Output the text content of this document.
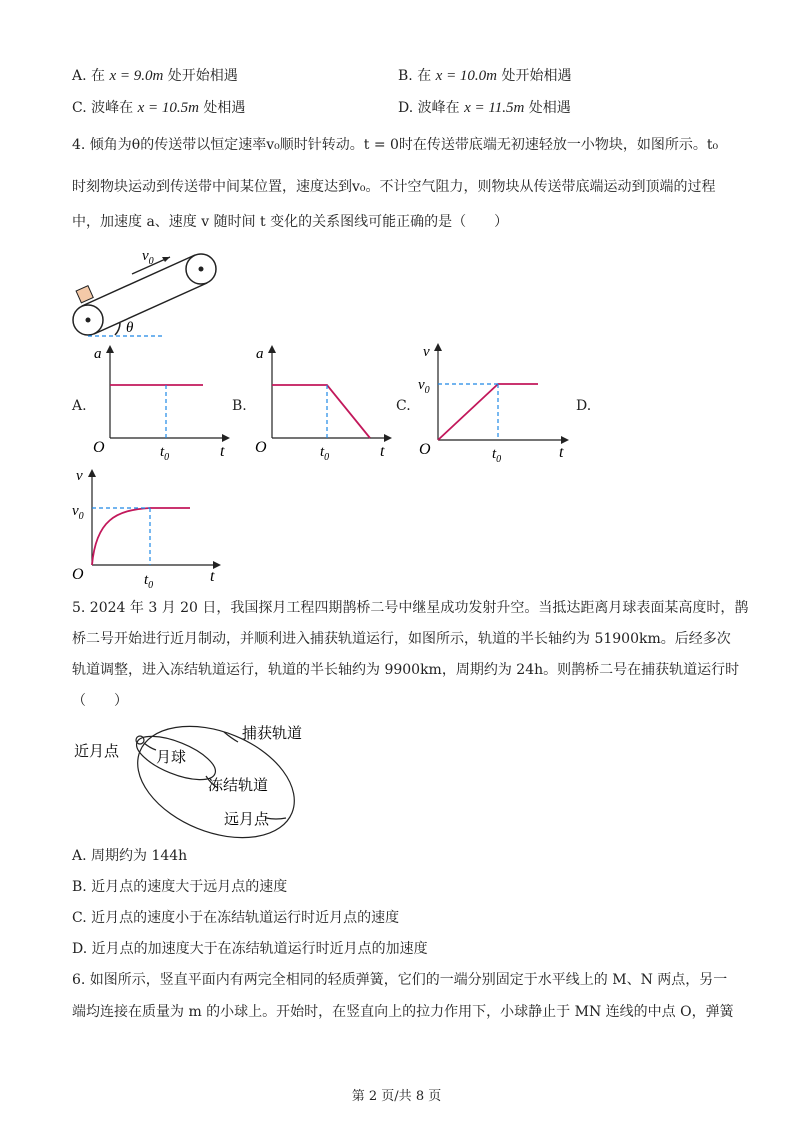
A. 在 x = 9.0m 处开始相遇	B. 在 x = 10.0m 处开始相遇
C. 波峰在 x = 10.5m 处相遇	D. 波峰在 x = 11.5m 处相遇
4. 倾角为θ的传送带以恒定速率v₀顺时针转动。t = 0时在传送带底端无初速轻放一小物块，如图所示。t₀
时刻物块运动到传送带中间某位置，速度达到v₀。不计空气阻力，则物块从传送带底端运动到顶端的过程
中，加速度 a、速度 v 随时间 t 变化的关系图线可能正确的是（　　）
$v_0$
θ
A.
a
O	t
$t_0$
B.
a
O	t
$t_0$
C.
v
$v_0$
O	t
$t_0$
D.
v
$v_0$
O	t
$t_0$
5. 2024 年 3 月 20 日，我国探月工程四期鹊桥二号中继星成功发射升空。当抵达距离月球表面某高度时，鹊
桥二号开始进行近月制动，并顺利进入捕获轨道运行，如图所示，轨道的半长轴约为 51900km。后经多次
轨道调整，进入冻结轨道运行，轨道的半长轴约为 9900km，周期约为 24h。则鹊桥二号在捕获轨道运行时
（　　）
近月点 月球
捕获轨道
冻结轨道
远月点
A. 周期约为 144h
B. 近月点的速度大于远月点的速度
C. 近月点的速度小于在冻结轨道运行时近月点的速度
D. 近月点的加速度大于在冻结轨道运行时近月点的加速度
6. 如图所示，竖直平面内有两完全相同的轻质弹簧，它们的一端分别固定于水平线上的 M、N 两点，另一
端均连接在质量为 m 的小球上。开始时，在竖直向上的拉力作用下，小球静止于 MN 连线的中点 O，弹簧
第 2 页/共 8 页
